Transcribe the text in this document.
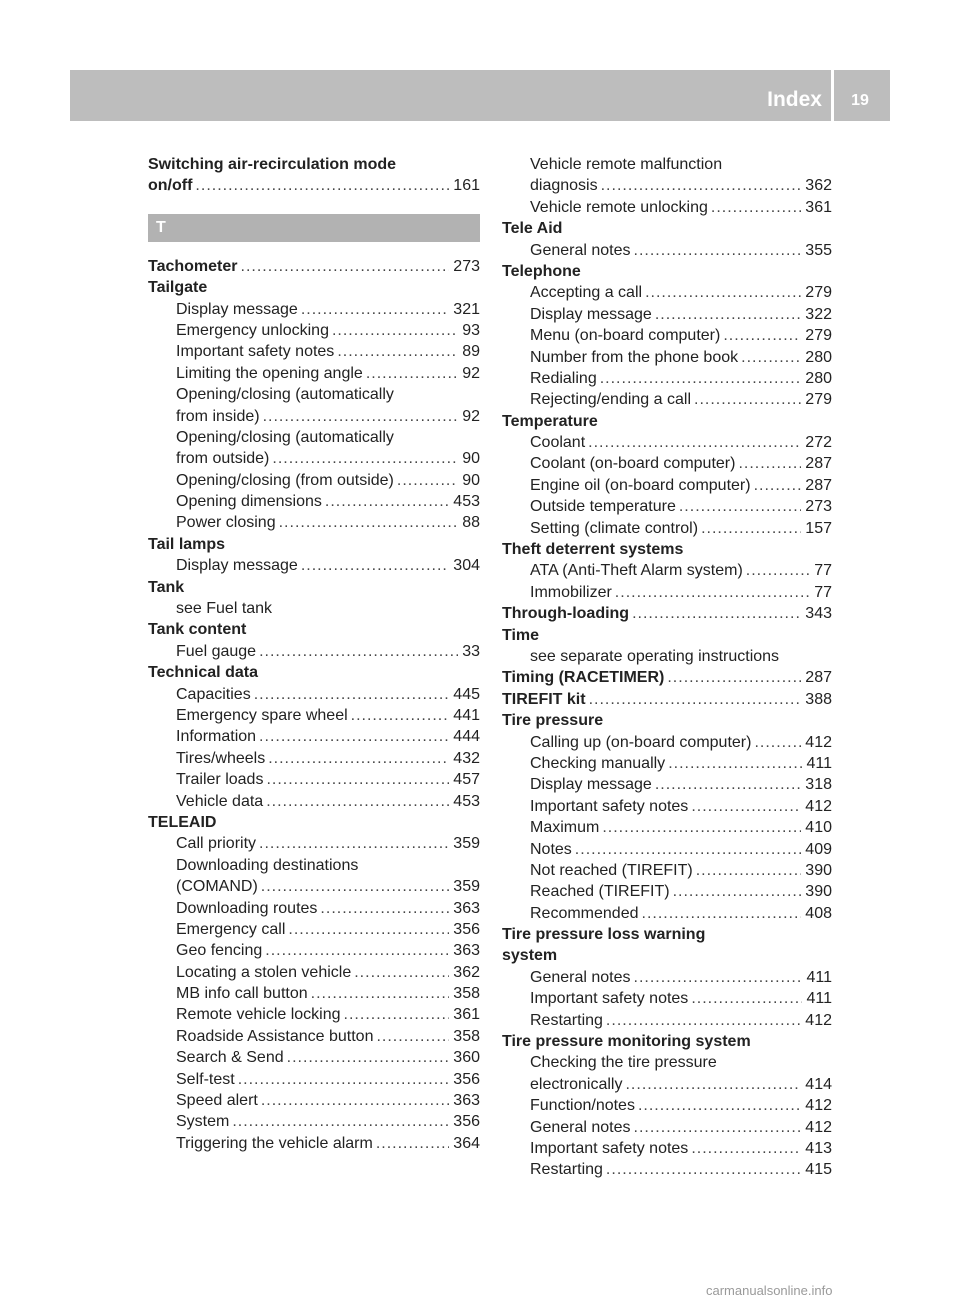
Index	19
Switching air-recirculation mode
on/off .....	161
T
Tachometer .....	273
Tailgate
Display message .....	321
Emergency unlocking .....	93
Important safety notes .....	89
Limiting the opening angle .....	92
Opening/closing (automatically
from inside) .....	92
Opening/closing (automatically
from outside) .....	90
Opening/closing (from outside) .....	90
Opening dimensions .....	453
Power closing .....	88
Tail lamps
Display message .....	304
Tank
see Fuel tank
Tank content
Fuel gauge .....	33
Technical data
Capacities .....	445
Emergency spare wheel .....	441
Information .....	444
Tires/wheels .....	432
Trailer loads .....	457
Vehicle data .....	453
TELEAID
Call priority .....	359
Downloading destinations
(COMAND) .....	359
Downloading routes .....	363
Emergency call .....	356
Geo fencing .....	363
Locating a stolen vehicle .....	362
MB info call button .....	358
Remote vehicle locking .....	361
Roadside Assistance button .....	358
Search & Send .....	360
Self-test .....	356
Speed alert .....	363
System .....	356
Triggering the vehicle alarm .....	364
Vehicle remote malfunction
diagnosis .....	362
Vehicle remote unlocking .....	361
Tele Aid
General notes .....	355
Telephone
Accepting a call .....	279
Display message .....	322
Menu (on-board computer) .....	279
Number from the phone book .....	280
Redialing .....	280
Rejecting/ending a call .....	279
Temperature
Coolant .....	272
Coolant (on-board computer) .....	287
Engine oil (on-board computer) .....	287
Outside temperature .....	273
Setting (climate control) .....	157
Theft deterrent systems
ATA (Anti-Theft Alarm system) .....	77
Immobilizer .....	77
Through-loading .....	343
Time
see separate operating instructions
Timing (RACETIMER) .....	287
TIREFIT kit .....	388
Tire pressure
Calling up (on-board computer) .....	412
Checking manually .....	411
Display message .....	318
Important safety notes .....	412
Maximum .....	410
Notes .....	409
Not reached (TIREFIT) .....	390
Reached (TIREFIT) .....	390
Recommended .....	408
Tire pressure loss warning
system
General notes .....	411
Important safety notes .....	411
Restarting .....	412
Tire pressure monitoring system
Checking the tire pressure
electronically .....	414
Function/notes .....	412
General notes .....	412
Important safety notes .....	413
Restarting .....	415
carmanualsonline.info
